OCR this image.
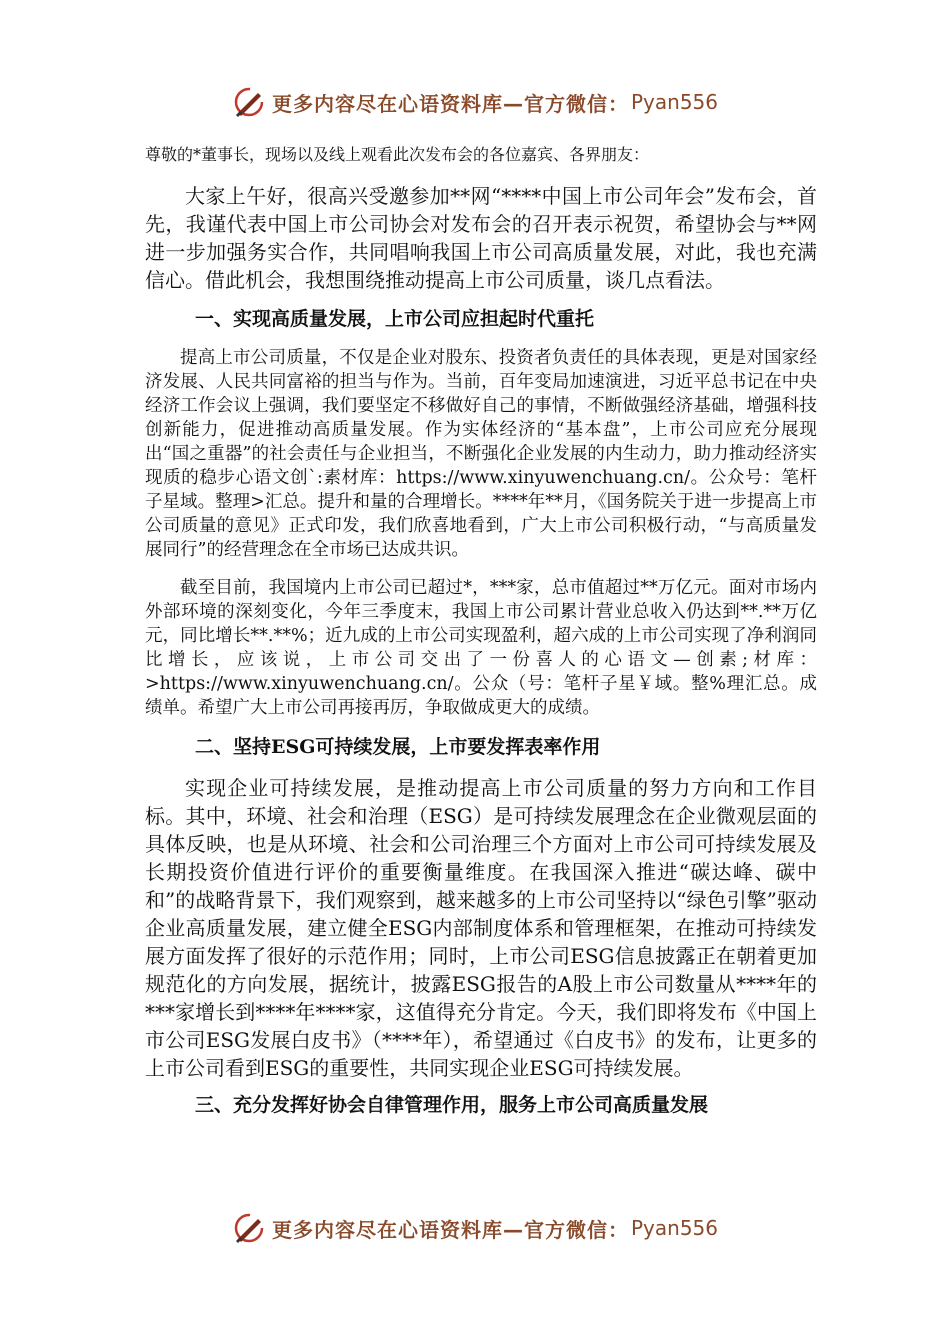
更多内容尽在心语资料库—官方微信： Pyan556

尊敬的*董事长，现场以及线上观看此次发布会的各位嘉宾、各界朋友：

大家上午好，很高兴受邀参加**网“****中国上市公司年会”发布会，首先，我谨代表中国上市公司协会对发布会的召开表示祝贺，希望协会与**网进一步加强务实合作，共同唱响我国上市公司高质量发展，对此，我也充满信心。借此机会，我想围绕推动提高上市公司质量，谈几点看法。

一、实现高质量发展，上市公司应担起时代重托

提高上市公司质量，不仅是企业对股东、投资者负责任的具体表现，更是对国家经济发展、人民共同富裕的担当与作为。当前，百年变局加速演进，习近平总书记在中央经济工作会议上强调，我们要坚定不移做好自己的事情，不断做强经济基础，增强科技创新能力，促进推动高质量发展。作为实体经济的“基本盘”，上市公司应充分展现出“国之重器”的社会责任与企业担当，不断强化企业发展的内生动力，助力推动经济实现质的稳步心语文创`:素材库：https://www.xinyuwenchuang.cn/。公众号：笔杆子星域。整理>汇总。提升和量的合理增长。****年**月，《国务院关于进一步提高上市公司质量的意见》正式印发，我们欣喜地看到，广大上市公司积极行动，“与高质量发展同行”的经营理念在全市场已达成共识。

截至目前，我国境内上市公司已超过*，***家，总市值超过**万亿元。面对市场内外部环境的深刻变化，今年三季度末，我国上市公司累计营业总收入仍达到**.**万亿元，同比增长**.**%；近九成的上市公司实现盈利，超六成的上市公司实现了净利润同比增长，应该说，上市公司交出了一份喜人的心语文—创素;材库：>https://www.xinyuwenchuang.cn/。公众（号：笔杆子星￥域。整%理汇总。成绩单。希望广大上市公司再接再厉，争取做成更大的成绩。

二、坚持ESG可持续发展，上市要发挥表率作用

实现企业可持续发展，是推动提高上市公司质量的努力方向和工作目标。其中，环境、社会和治理（ESG）是可持续发展理念在企业微观层面的具体反映，也是从环境、社会和公司治理三个方面对上市公司可持续发展及长期投资价值进行评价的重要衡量维度。在我国深入推进“碳达峰、碳中和”的战略背景下，我们观察到，越来越多的上市公司坚持以“绿色引擎”驱动企业高质量发展，建立健全ESG内部制度体系和管理框架，在推动可持续发展方面发挥了很好的示范作用；同时，上市公司ESG信息披露正在朝着更加规范化的方向发展，据统计，披露ESG报告的A股上市公司数量从****年的***家增长到****年****家，这值得充分肯定。今天，我们即将发布《中国上市公司ESG发展白皮书》（****年），希望通过《白皮书》的发布，让更多的上市公司看到ESG的重要性，共同实现企业ESG可持续发展。

三、充分发挥好协会自律管理作用，服务上市公司高质量发展

更多内容尽在心语资料库—官方微信： Pyan556
